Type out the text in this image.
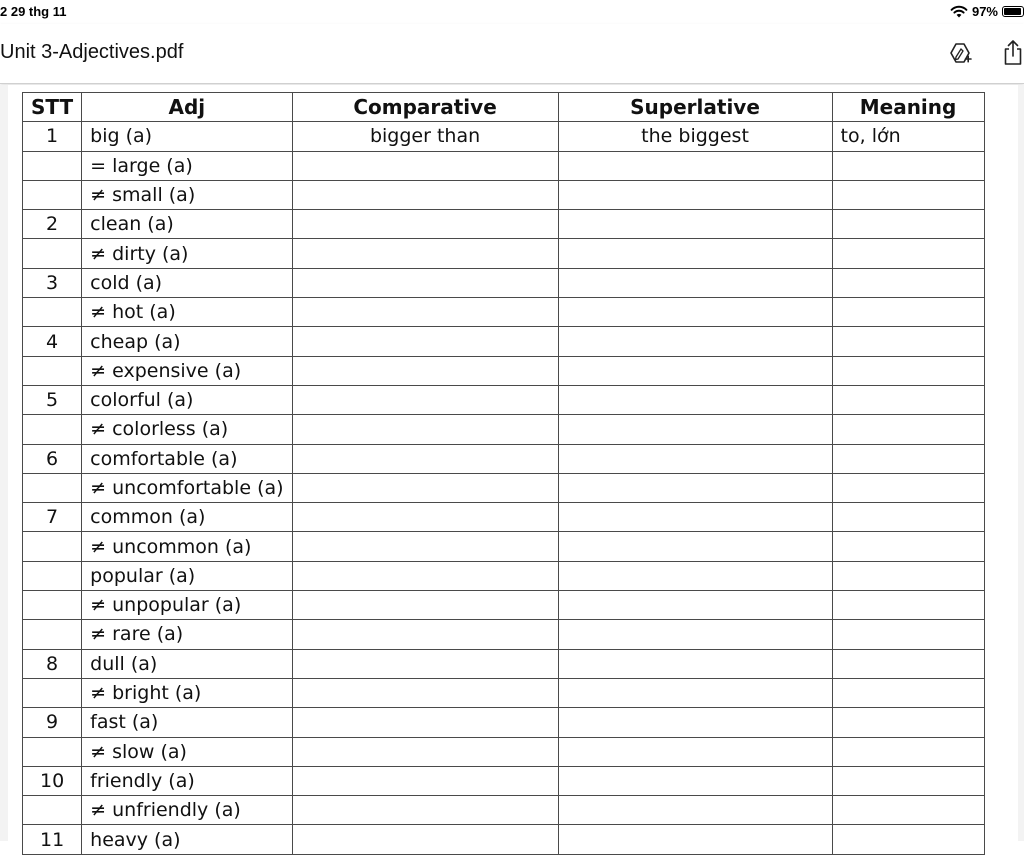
2 29 thg 11	97%
Unit 3-Adjectives.pdf
STT	Adj	Comparative	Superlative	Meaning
1	big (a)	bigger than	the biggest	to, lớn
	= large (a)			
	≠ small (a)			
2	clean (a)			
	≠ dirty (a)			
3	cold (a)			
	≠ hot (a)			
4	cheap (a)			
	≠ expensive (a)			
5	colorful (a)			
	≠ colorless (a)			
6	comfortable (a)			
	≠ uncomfortable (a)			
7	common (a)			
	≠ uncommon (a)			
	popular (a)			
	≠ unpopular (a)			
	≠ rare (a)			
8	dull (a)			
	≠ bright (a)			
9	fast (a)			
	≠ slow (a)			
10	friendly (a)			
	≠ unfriendly (a)			
11	heavy (a)			
